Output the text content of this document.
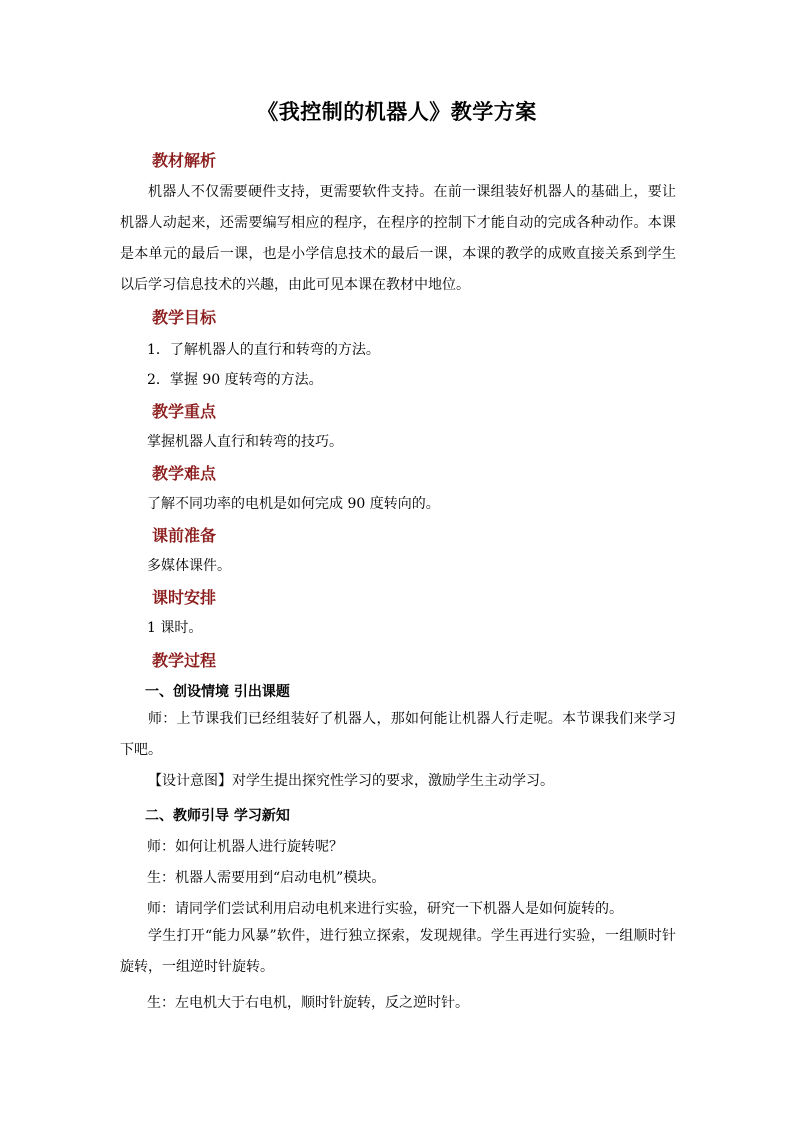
《我控制的机器人》教学方案
教材解析
机器人不仅需要硬件支持，更需要软件支持。在前一课组装好机器人的基础上，要让机器人动起来，还需要编写相应的程序，在程序的控制下才能自动的完成各种动作。本课是本单元的最后一课，也是小学信息技术的最后一课，本课的教学的成败直接关系到学生以后学习信息技术的兴趣，由此可见本课在教材中地位。
教学目标
1．了解机器人的直行和转弯的方法。
2．掌握 90 度转弯的方法。
教学重点
掌握机器人直行和转弯的技巧。
教学难点
了解不同功率的电机是如何完成 90 度转向的。
课前准备
多媒体课件。
课时安排
1 课时。
教学过程
一、创设情境 引出课题
师：上节课我们已经组装好了机器人，那如何能让机器人行走呢。本节课我们来学习下吧。
【设计意图】对学生提出探究性学习的要求，激励学生主动学习。
二、教师引导 学习新知
师：如何让机器人进行旋转呢？
生：机器人需要用到“启动电机”模块。
师：请同学们尝试利用启动电机来进行实验，研究一下机器人是如何旋转的。
学生打开“能力风暴”软件，进行独立探索，发现规律。学生再进行实验，一组顺时针旋转，一组逆时针旋转。
生：左电机大于右电机，顺时针旋转，反之逆时针。
